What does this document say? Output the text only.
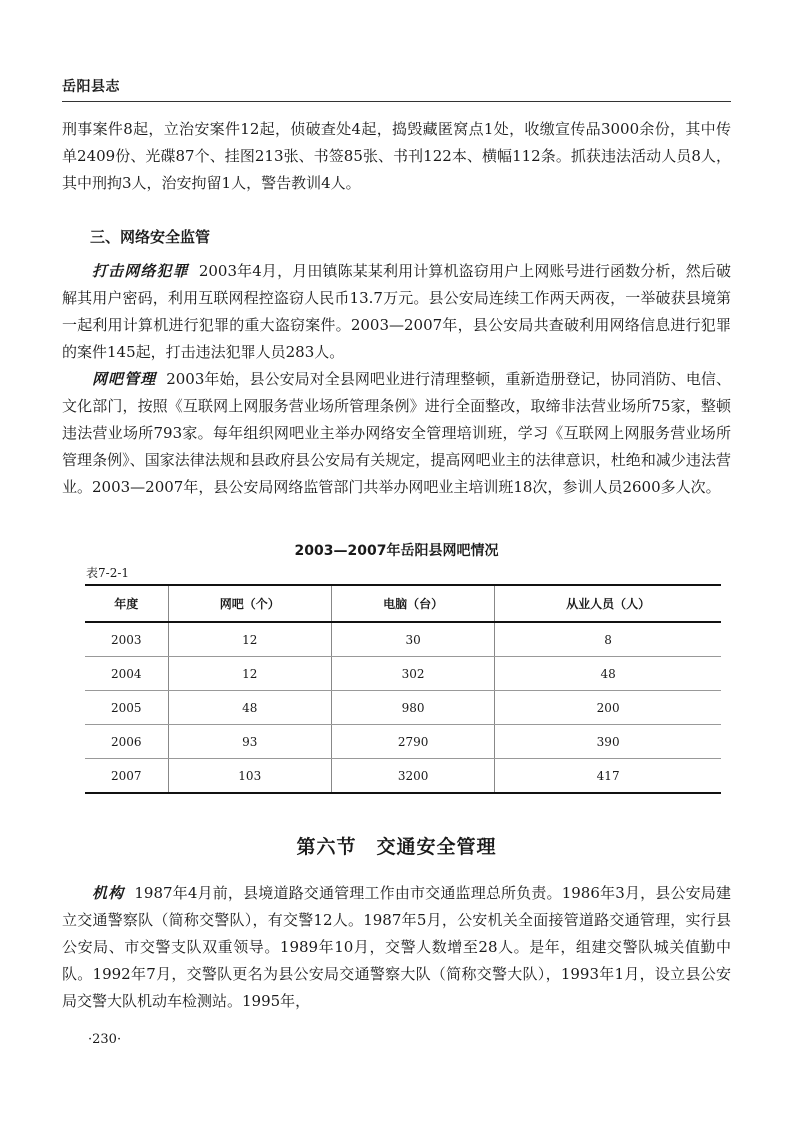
岳阳县志

刑事案件8起，立治安案件12起，侦破查处4起，捣毁藏匿窝点1处，收缴宣传品3000余份，其中传单2409份、光碟87个、挂图213张、书签85张、书刊122本、横幅112条。抓获违法活动人员8人，其中刑拘3人，治安拘留1人，警告教训4人。

三、网络安全监管

打击网络犯罪 2003年4月，月田镇陈某某利用计算机盗窃用户上网账号进行函数分析，然后破解其用户密码，利用互联网程控盗窃人民币13.7万元。县公安局连续工作两天两夜，一举破获县境第一起利用计算机进行犯罪的重大盗窃案件。2003—2007年，县公安局共查破利用网络信息进行犯罪的案件145起，打击违法犯罪人员283人。

网吧管理 2003年始，县公安局对全县网吧业进行清理整顿，重新造册登记，协同消防、电信、文化部门，按照《互联网上网服务营业场所管理条例》进行全面整改，取缔非法营业场所75家，整顿违法营业场所793家。每年组织网吧业主举办网络安全管理培训班，学习《互联网上网服务营业场所管理条例》、国家法律法规和县政府县公安局有关规定，提高网吧业主的法律意识，杜绝和减少违法营业。2003—2007年，县公安局网络监管部门共举办网吧业主培训班18次，参训人员2600多人次。

2003—2007年岳阳县网吧情况
表7-2-1
年度	网吧（个）	电脑（台）	从业人员（人）
2003	12	30	8
2004	12	302	48
2005	48	980	200
2006	93	2790	390
2007	103	3200	417
第六节　交通安全管理

机构 1987年4月前，县境道路交通管理工作由市交通监理总所负责。1986年3月，县公安局建立交通警察队（简称交警队），有交警12人。1987年5月，公安机关全面接管道路交通管理，实行县公安局、市交警支队双重领导。1989年10月，交警人数增至28人。是年，组建交警队城关值勤中队。1992年7月，交警队更名为县公安局交通警察大队（简称交警大队），1993年1月，设立县公安局交警大队机动车检测站。1995年，

·230·
